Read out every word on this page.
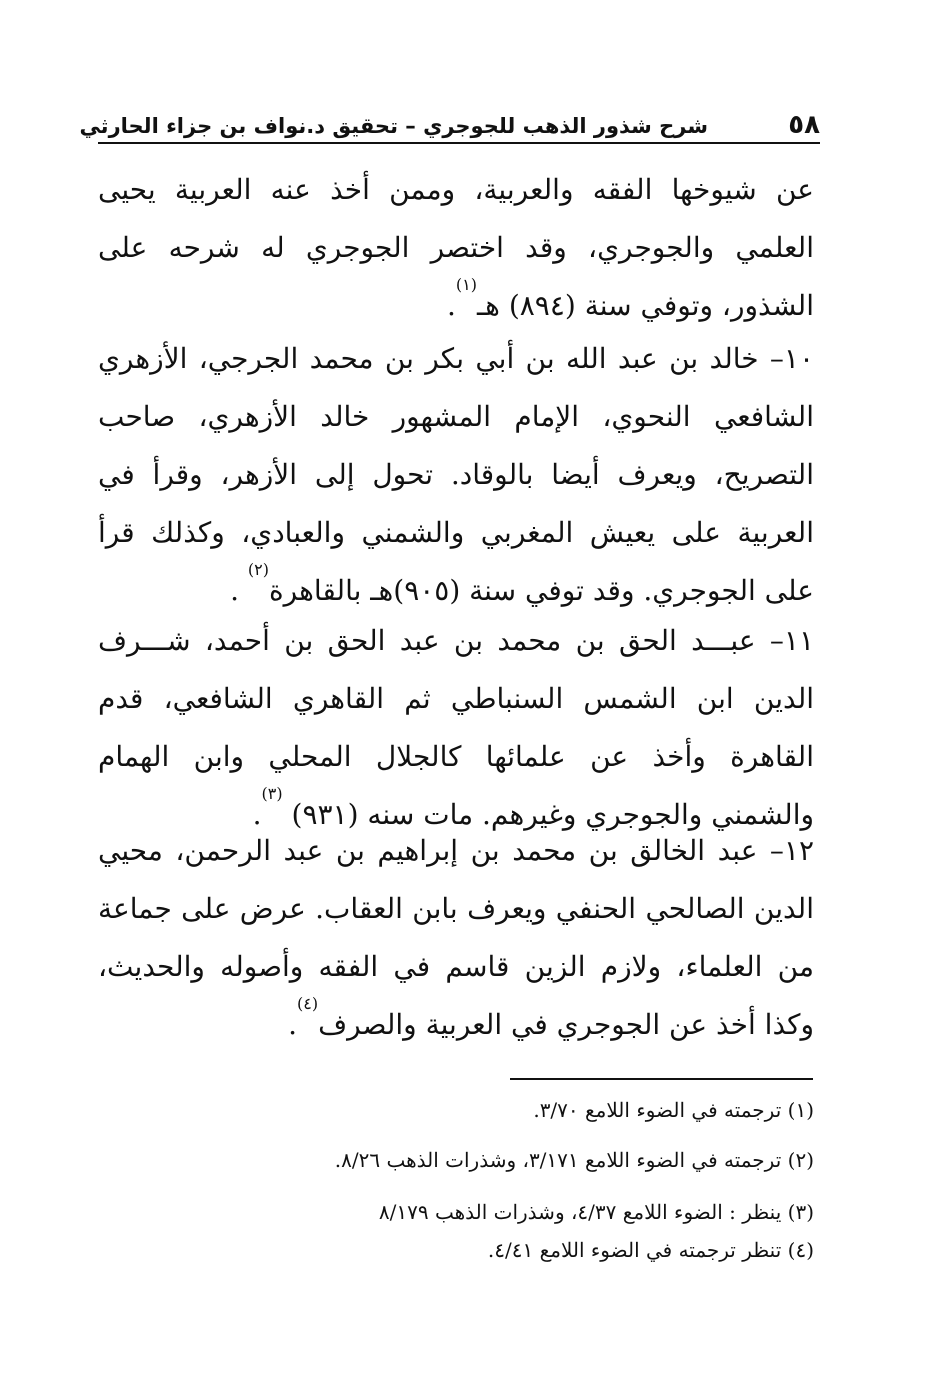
٥٨
شرح شذور الذهب للجوجري – تحقيق د.نواف بن جزاء الحارثي

عن شيوخها الفقه والعربية، وممن أخذ عنه العربية يحيى العلمي والجوجري، وقد اختصر الجوجري له شرحه على الشذور، وتوفي سنة (٨٩٤) هـ$^{(١)}$.

١٠– خالد بن عبد الله بن أبي بكر بن محمد الجرجي، الأزهري الشافعي النحوي، الإمام المشهور خالد الأزهري، صاحب التصريح، ويعرف أيضا بالوقاد. تحول إلى الأزهر، وقرأ في العربية على يعيش المغربي والشمني والعبادي، وكذلك قرأ على الجوجري. وقد توفي سنة (٩٠٥)هـ بالقاهرة$^{(٢)}$ .

١١– عبـــد الحق بن محمد بن عبد الحق بن أحمد، شـــرف الدين ابن الشمس السنباطي ثم القاهري الشافعي، قدم القاهرة وأخذ عن علمائها كالجلال المحلي وابن الهمام والشمني والجوجري وغيرهم. مات سنه (٩٣١) $^{(٣)}$.

١٢– عبد الخالق بن محمد بن إبراهيم بن عبد الرحمن، محيي الدين الصالحي الحنفي ويعرف بابن العقاب. عرض على جماعة من العلماء، ولازم الزين قاسم في الفقه وأصوله والحديث، وكذا أخذ عن الجوجري في العربية والصرف$^{(٤)}$.

(١) ترجمته في الضوء اللامع ٣/٧٠.
(٢) ترجمته في الضوء اللامع ٣/١٧١، وشذرات الذهب ٨/٢٦.
(٣) ينظر : الضوء اللامع ٤/٣٧، وشذرات الذهب ٨/١٧٩
(٤) تنظر ترجمته في الضوء اللامع ٤/٤١.
